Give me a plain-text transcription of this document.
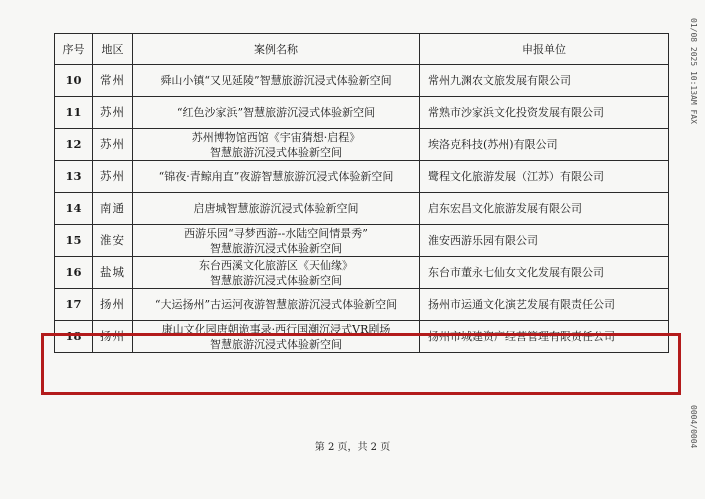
序号	地区	案例名称	申报单位
10	常州	舜山小镇“又见延陵”智慧旅游沉浸式体验新空间	常州九渊农文旅发展有限公司
11	苏州	“红色沙家浜”智慧旅游沉浸式体验新空间	常熟市沙家浜文化投资发展有限公司
12	苏州	苏州博物馆西馆《宇宙猜想·启程》
智慧旅游沉浸式体验新空间	埃洛克科技(苏州)有限公司
13	苏州	“锦夜·青鲸甪直”夜游智慧旅游沉浸式体验新空间	鹭程文化旅游发展（江苏）有限公司
14	南通	启唐城智慧旅游沉浸式体验新空间	启东宏昌文化旅游发展有限公司
15	淮安	西游乐园“寻梦西游--水陆空间情景秀”
智慧旅游沉浸式体验新空间	淮安西游乐园有限公司
16	盐城	东台西溪文化旅游区《天仙缘》
智慧旅游沉浸式体验新空间	东台市董永七仙女文化发展有限公司
17	扬州	“大运扬州”古运河夜游智慧旅游沉浸式体验新空间	扬州市运通文化演艺发展有限责任公司
18	扬州	康山文化园唐朝诡事录·西行国潮沉浸式VR剧场
智慧旅游沉浸式体验新空间	扬州市城建资产经营管理有限责任公司
第 2 页，共 2 页
01/08 2025 10:13AM FAX
0004/0004
